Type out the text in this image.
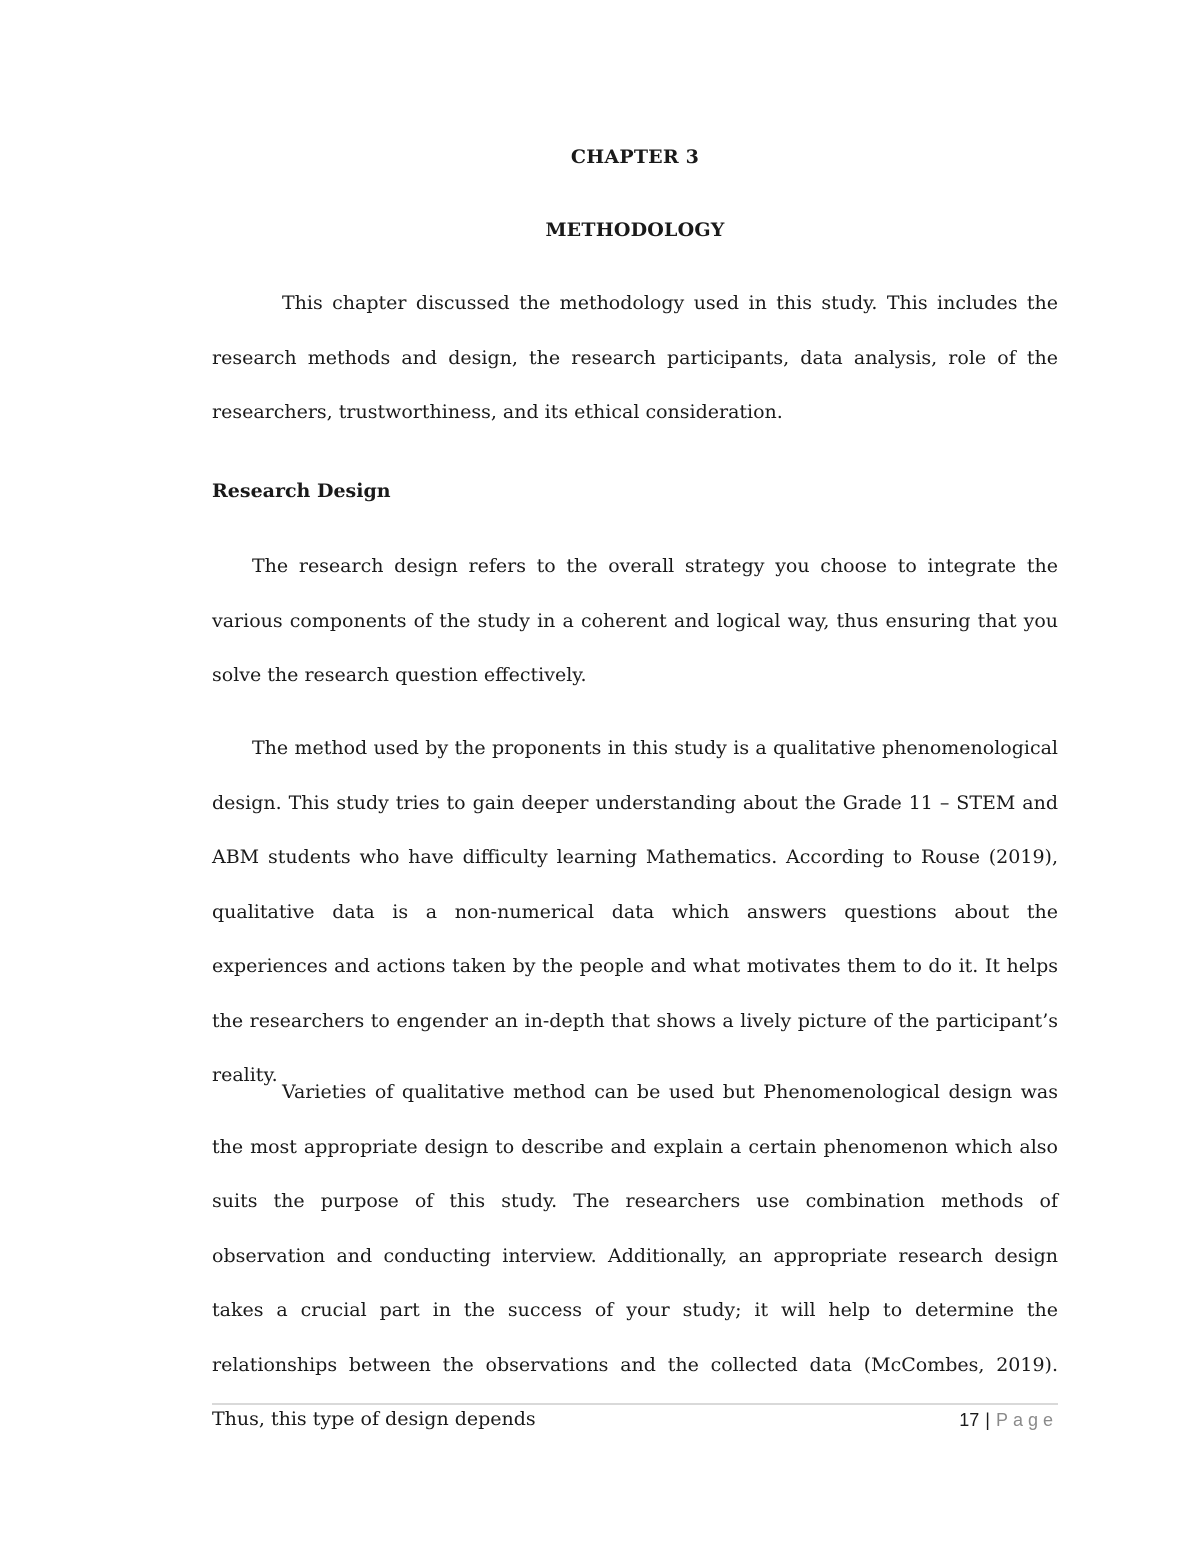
CHAPTER 3
METHODOLOGY

This chapter discussed the methodology used in this study. This includes the research methods and design, the research participants, data analysis, role of the researchers, trustworthiness, and its ethical consideration.

Research Design

The research design refers to the overall strategy you choose to integrate the various components of the study in a coherent and logical way, thus ensuring that you solve the research question effectively.

The method used by the proponents in this study is a qualitative phenomenological design. This study tries to gain deeper understanding about the Grade 11 – STEM and ABM students who have difficulty learning Mathematics. According to Rouse (2019), qualitative data is a non-numerical data which answers questions about the experiences and actions taken by the people and what motivates them to do it. It helps the researchers to engender an in-depth that shows a lively picture of the participant’s reality.

Varieties of qualitative method can be used but Phenomenological design was the most appropriate design to describe and explain a certain phenomenon which also suits the purpose of this study. The researchers use combination methods of observation and conducting interview. Additionally, an appropriate research design takes a crucial part in the success of your study; it will help to determine the relationships between the observations and the collected data (McCombes, 2019). Thus, this type of design depends	17 | Page
